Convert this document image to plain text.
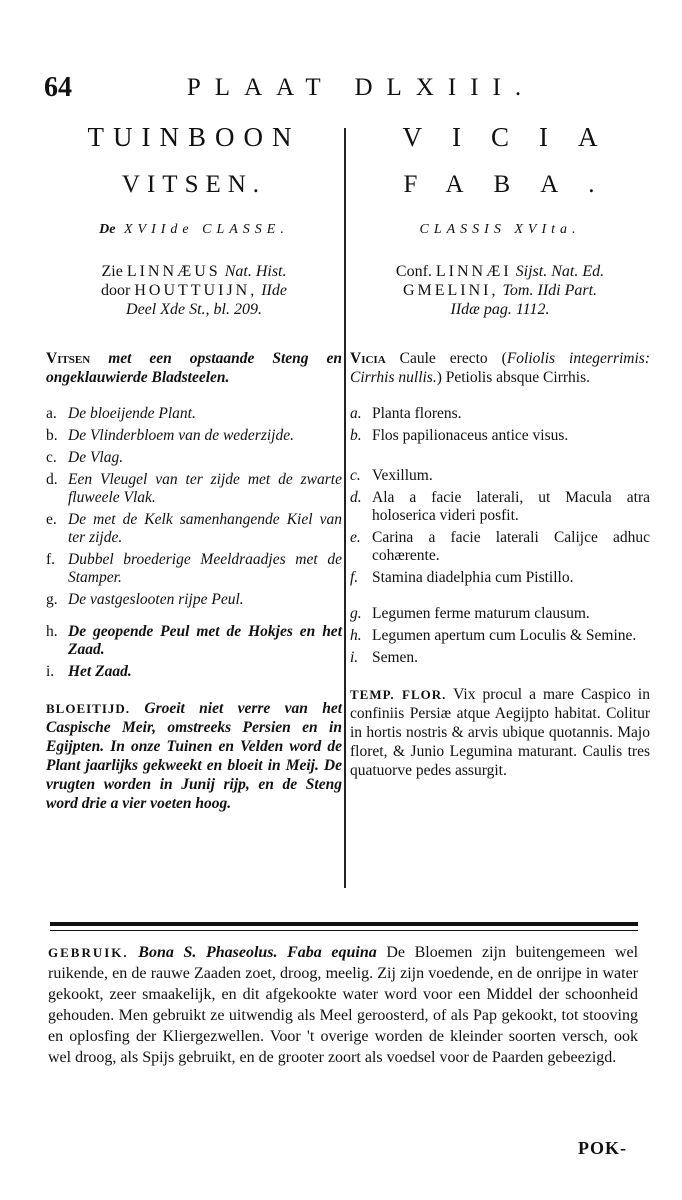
64	PLAAT DLXIII.
TUINBOON
VITSEN.
De XVIIde CLASSE.
Zie LINNÆUS Nat. Hist.
door HOUTTUIJN, IIde
Deel Xde St., bl. 209.
Vitsen met een opstaande Steng en ongeklauwierde Bladsteelen.
a. De bloeijende Plant.
b. De Vlinderbloem van de wederzijde.
c. De Vlag.
d. Een Vleugel van ter zijde met de zwarte fluweele Vlak.
e. De met de Kelk samenhangende Kiel van ter zijde.
f. Dubbel broederige Meeldraadjes met de Stamper.
g. De vastgeslooten rijpe Peul.
h. De geopende Peul met de Hokjes en het Zaad.
i. Het Zaad.
BLOEITIJD. Groeit niet verre van het Caspische Meir, omstreeks Persien en in Egijpten. In onze Tuinen en Velden word de Plant jaarlijks gekweekt en bloeit in Meij. De vrugten worden in Junij rijp, en de Steng word drie a vier voeten hoog.
VICIA
FABA.
CLASSIS XVIta.
Conf. LINNÆI Sijst. Nat. Ed.
GMELINI, Tom. IIdi Part.
IIdæ pag. 1112.
Vicia Caule erecto (Foliolis integerrimis: Cirrhis nullis.) Petiolis absque Cirrhis.
a. Planta florens.
b. Flos papilionaceus antice visus.
c. Vexillum.
d. Ala a facie laterali, ut Macula atra holoserica videri posfit.
e. Carina a facie laterali Calijce adhuc cohærente.
f. Stamina diadelphia cum Pistillo.
g. Legumen ferme maturum clausum.
h. Legumen apertum cum Loculis & Semine.
i. Semen.
TEMP. FLOR. Vix procul a mare Caspico in confiniis Persiæ atque Aegijpto habitat. Colitur in hortis nostris & arvis ubique quotannis. Majo floret, & Junio Legumina maturant. Caulis tres quatuorve pedes assurgit.
GEBRUIK. Bona S. Phaseolus. Faba equina De Bloemen zijn buitengemeen wel ruikende, en de rauwe Zaaden zoet, droog, meelig. Zij zijn voedende, en de onrijpe in water gekookt, zeer smaakelijk, en dit afgekookte water word voor een Middel der schoonheid gehouden. Men gebruikt ze uitwendig als Meel geroosterd, of als Pap gekookt, tot stooving en oplosfing der Kliergezwellen. Voor 't overige worden de kleinder soorten versch, ook wel droog, als Spijs gebruikt, en de grooter zoort als voedsel voor de Paarden gebeezigd.
POK-
